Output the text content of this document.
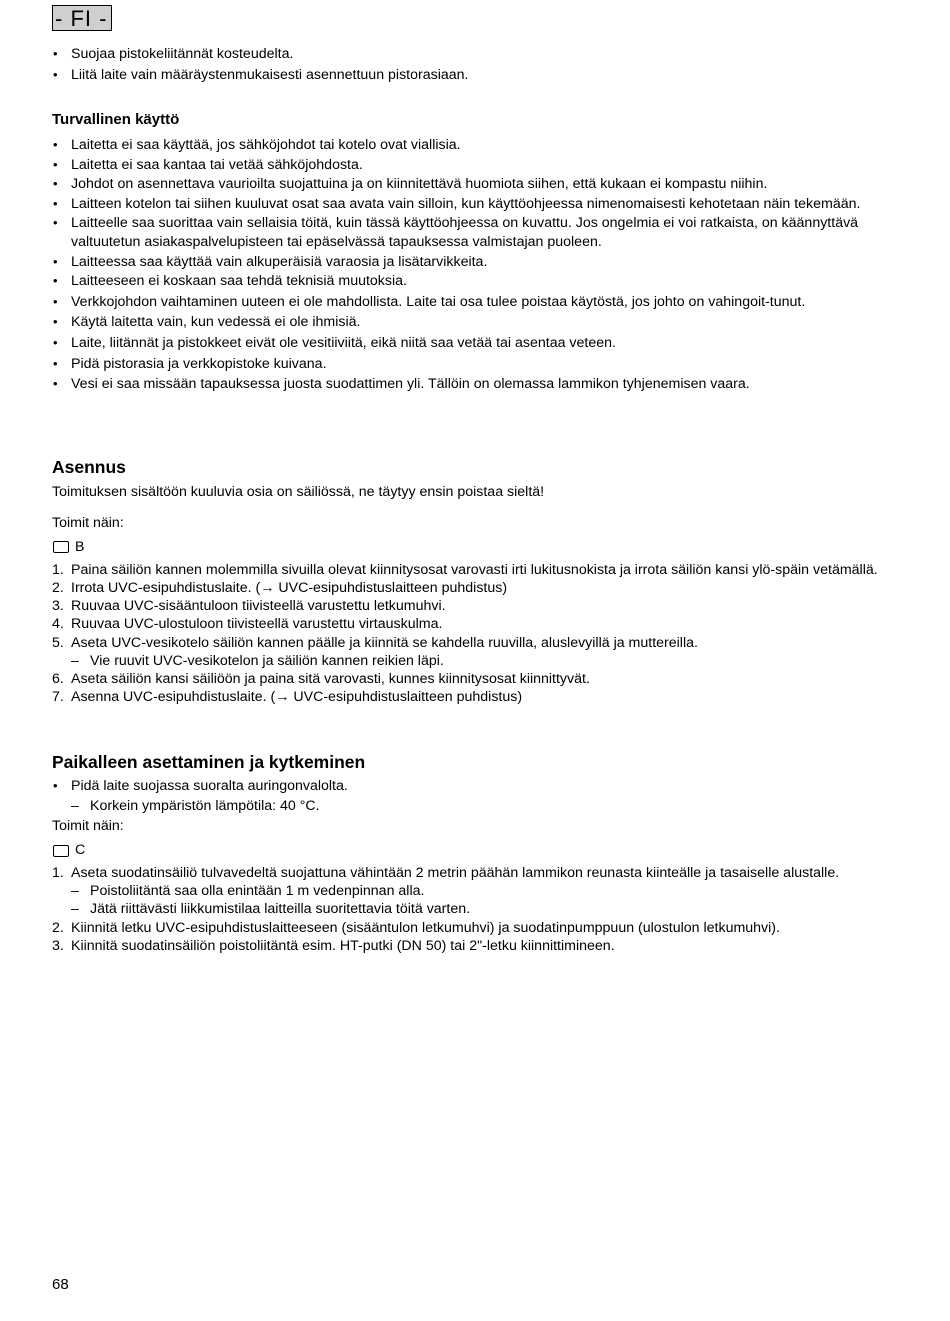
- FI -
• Suojaa pistokeliitännät kosteudelta.
• Liitä laite vain määräystenmukaisesti asennettuun pistorasiaan.
Turvallinen käyttö
• Laitetta ei saa käyttää, jos sähköjohdot tai kotelo ovat viallisia.
• Laitetta ei saa kantaa tai vetää sähköjohdosta.
• Johdot on asennettava vaurioilta suojattuina ja on kiinnitettävä huomiota siihen, että kukaan ei kompastu niihin.
• Laitteen kotelon tai siihen kuuluvat osat saa avata vain silloin, kun käyttöohjeessa nimenomaisesti kehotetaan näin tekemään.
• Laitteelle saa suorittaa vain sellaisia töitä, kuin tässä käyttöohjeessa on kuvattu. Jos ongelmia ei voi ratkaista, on käännyttävä valtuutetun asiakaspalvelupisteen tai epäselvässä tapauksessa valmistajan puoleen.
• Laitteessa saa käyttää vain alkuperäisiä varaosia ja lisätarvikkeita.
• Laitteeseen ei koskaan saa tehdä teknisiä muutoksia.
• Verkkojohdon vaihtaminen uuteen ei ole mahdollista. Laite tai osa tulee poistaa käytöstä, jos johto on vahingoit-tunut.
• Käytä laitetta vain, kun vedessä ei ole ihmisiä.
• Laite, liitännät ja pistokkeet eivät ole vesitiiviitä, eikä niitä saa vetää tai asentaa veteen.
• Pidä pistorasia ja verkkopistoke kuivana.
• Vesi ei saa missään tapauksessa juosta suodattimen yli. Tällöin on olemassa lammikon tyhjenemisen vaara.
Asennus
Toimituksen sisältöön kuuluvia osia on säiliössä, ne täytyy ensin poistaa sieltä!
Toimit näin:
B
1. Paina säiliön kannen molemmilla sivuilla olevat kiinnitysosat varovasti irti lukitusnokista ja irrota säiliön kansi ylö-späin vetämällä.
2. Irrota UVC-esipuhdistuslaite. (→ UVC-esipuhdistuslaitteen puhdistus)
3. Ruuvaa UVC-sisääntuloon tiivisteellä varustettu letkumuhvi.
4. Ruuvaa UVC-ulostuloon tiivisteellä varustettu virtauskulma.
5. Aseta UVC-vesikotelo säiliön kannen päälle ja kiinnitä se kahdella ruuvilla, aluslevyillä ja muttereilla.
– Vie ruuvit UVC-vesikotelon ja säiliön kannen reikien läpi.
6. Aseta säiliön kansi säiliöön ja paina sitä varovasti, kunnes kiinnitysosat kiinnittyvät.
7. Asenna UVC-esipuhdistuslaite. (→ UVC-esipuhdistuslaitteen puhdistus)
Paikalleen asettaminen ja kytkeminen
• Pidä laite suojassa suoralta auringonvalolta.
– Korkein ympäristön lämpötila: 40 °C.
Toimit näin:
C
1. Aseta suodatinsäiliö tulvavedeltä suojattuna vähintään 2 metrin päähän lammikon reunasta kiinteälle ja tasaiselle alustalle.
– Poistoliitäntä saa olla enintään 1 m vedenpinnan alla.
– Jätä riittävästi liikkumistilaa laitteilla suoritettavia töitä varten.
2. Kiinnitä letku UVC-esipuhdistuslaitteeseen (sisääntulon letkumuhvi) ja suodatinpumppuun (ulostulon letkumuhvi).
3. Kiinnitä suodatinsäiliön poistoliitäntä esim. HT-putki (DN 50) tai 2"-letku kiinnittimineen.
68
